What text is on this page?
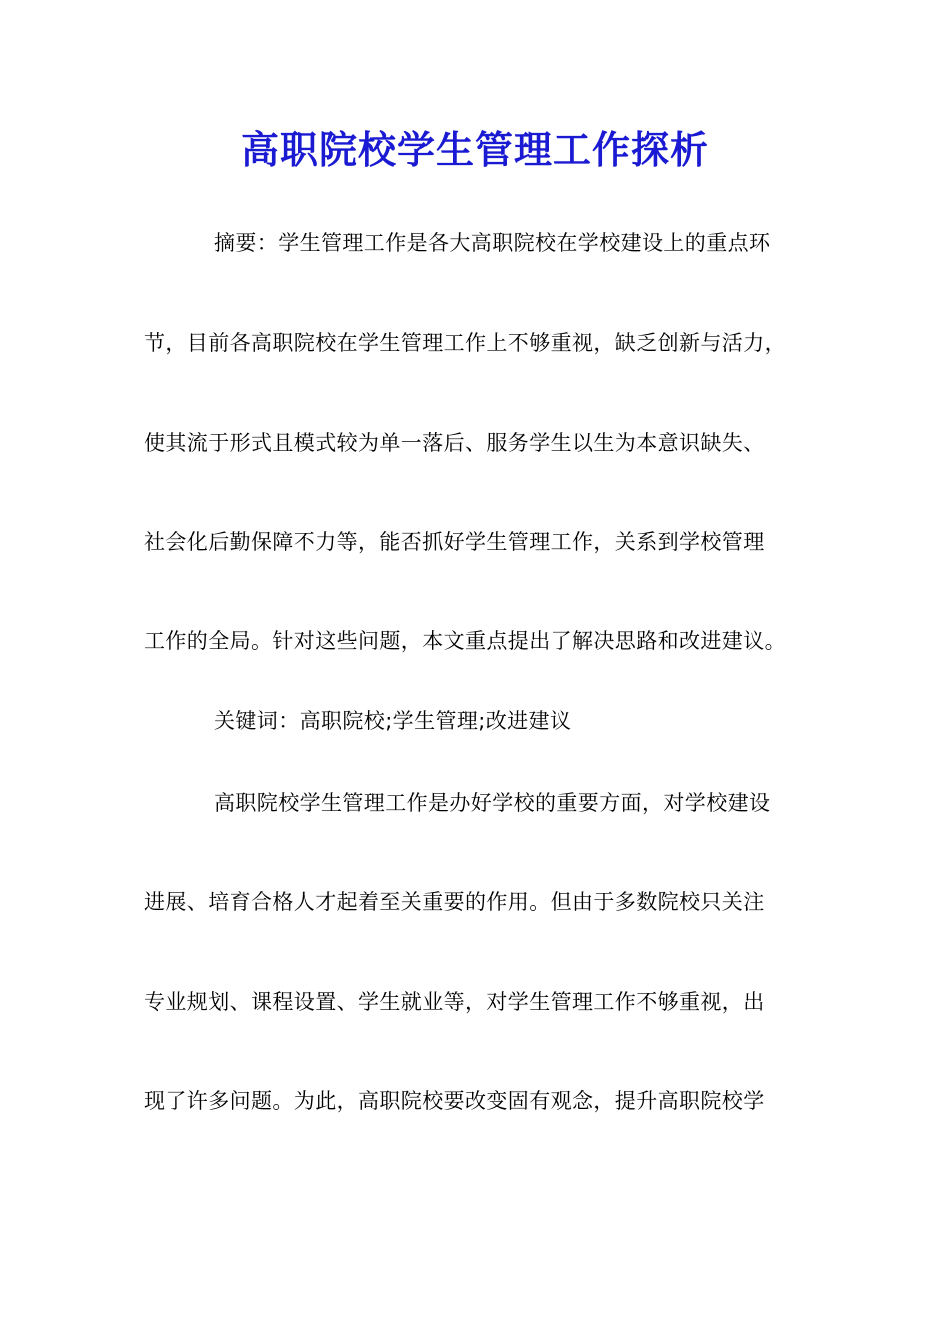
高职院校学生管理工作探析

摘要：学生管理工作是各大高职院校在学校建设上的重点环

节，目前各高职院校在学生管理工作上不够重视，缺乏创新与活力，

使其流于形式且模式较为单一落后、服务学生以生为本意识缺失、

社会化后勤保障不力等，能否抓好学生管理工作，关系到学校管理

工作的全局。针对这些问题，本文重点提出了解决思路和改进建议。

关键词：高职院校;学生管理;改进建议

高职院校学生管理工作是办好学校的重要方面，对学校建设

进展、培育合格人才起着至关重要的作用。但由于多数院校只关注

专业规划、课程设置、学生就业等，对学生管理工作不够重视，出

现了许多问题。为此，高职院校要改变固有观念，提升高职院校学
